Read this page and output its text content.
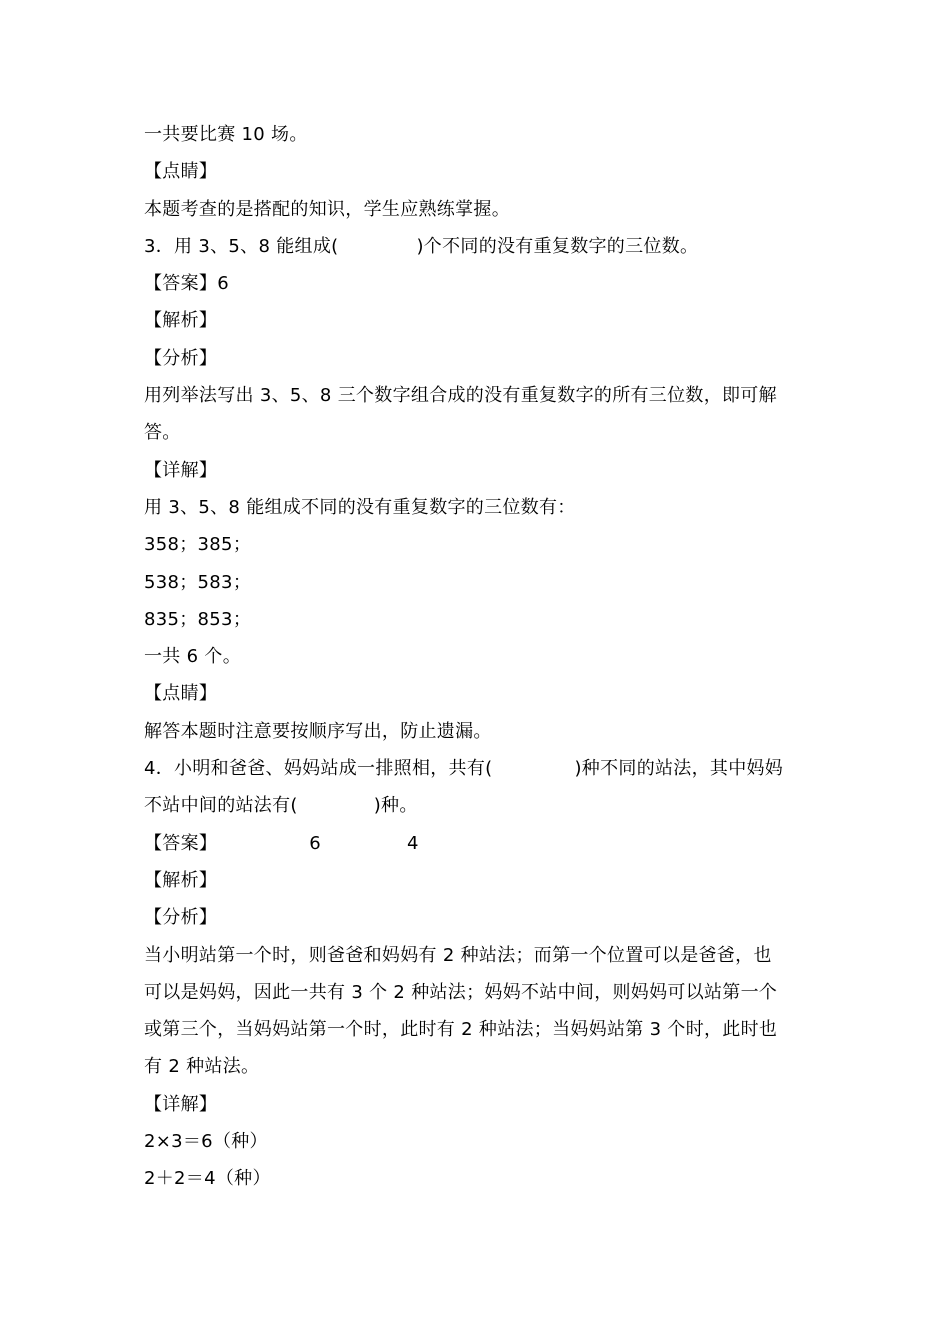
一共要比赛 10 场。
【点睛】
本题考查的是搭配的知识，学生应熟练掌握。
3．用 3、5、8 能组成(	)个不同的没有重复数字的三位数。
【答案】6
【解析】
【分析】
用列举法写出 3、5、8 三个数字组合成的没有重复数字的所有三位数，即可解
答。
【详解】
用 3、5、8 能组成不同的没有重复数字的三位数有：
358；385；
538；583；
835；853；
一共 6 个。
【点睛】
解答本题时注意要按顺序写出，防止遗漏。
4．小明和爸爸、妈妈站成一排照相，共有(	)种不同的站法，其中妈妈
不站中间的站法有(	)种。
【答案】	6	4
【解析】
【分析】
当小明站第一个时，则爸爸和妈妈有 2 种站法；而第一个位置可以是爸爸，也
可以是妈妈，因此一共有 3 个 2 种站法；妈妈不站中间，则妈妈可以站第一个
或第三个，当妈妈站第一个时，此时有 2 种站法；当妈妈站第 3 个时，此时也
有 2 种站法。
【详解】
2×3＝6（种）
2＋2＝4（种）
